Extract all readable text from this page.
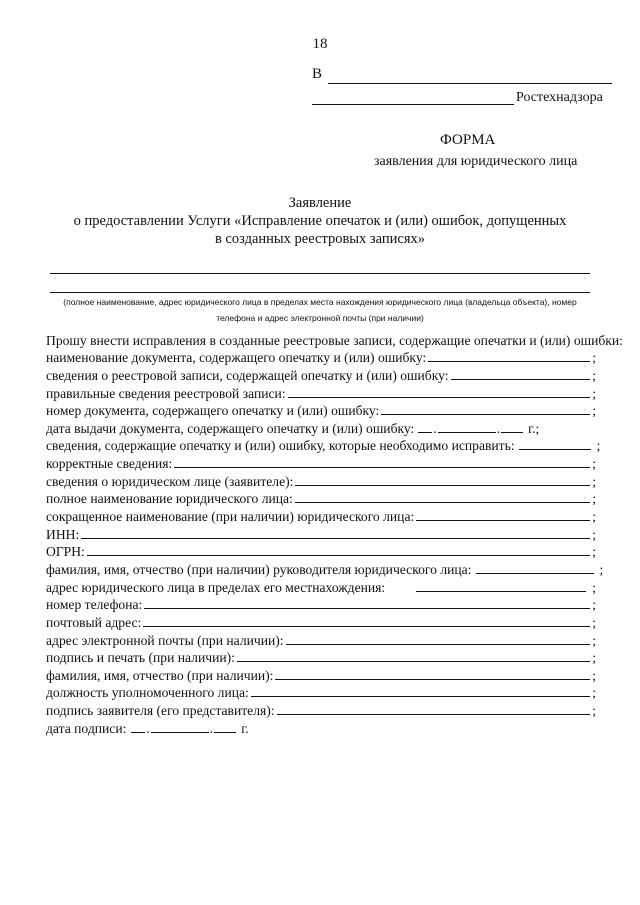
18
В
Ростехнадзора
ФОРМА
заявления для юридического лица
Заявление
о предоставлении Услуги «Исправление опечаток и (или) ошибок, допущенных
в созданных реестровых записях»
(полное наименование, адрес юридического лица в пределах места нахождения юридического лица (владельца объекта), номер
телефона и адрес электронной почты (при наличии)
Прошу внести исправления в созданные реестровые записи, содержащие опечатки и (или) ошибки:
наименование документа, содержащего опечатку и (или) ошибку:	;
сведения о реестровой записи, содержащей опечатку и (или) ошибку:	;
правильные сведения реестровой записи:	;
номер документа, содержащего опечатку и (или) ошибку:	;
дата выдачи документа, содержащего опечатку и (или) ошибку: .	. г.;
сведения, содержащие опечатку и (или) ошибку, которые необходимо исправить:	;
корректные сведения:	;
сведения о юридическом лице (заявителе):	;
полное наименование юридического лица:	;
сокращенное наименование (при наличии) юридического лица:	;
ИНН:	;
ОГРН:	;
фамилия, имя, отчество (при наличии) руководителя юридического лица:	;
адрес юридического лица в пределах его местнахождения:	;
номер телефона:	;
почтовый адрес:	;
адрес электронной почты (при наличии):	;
подпись и печать (при наличии):	;
фамилия, имя, отчество (при наличии):	;
должность уполномоченного лица:	;
подпись заявителя (его представителя):	;
дата подписи: .	. г.
